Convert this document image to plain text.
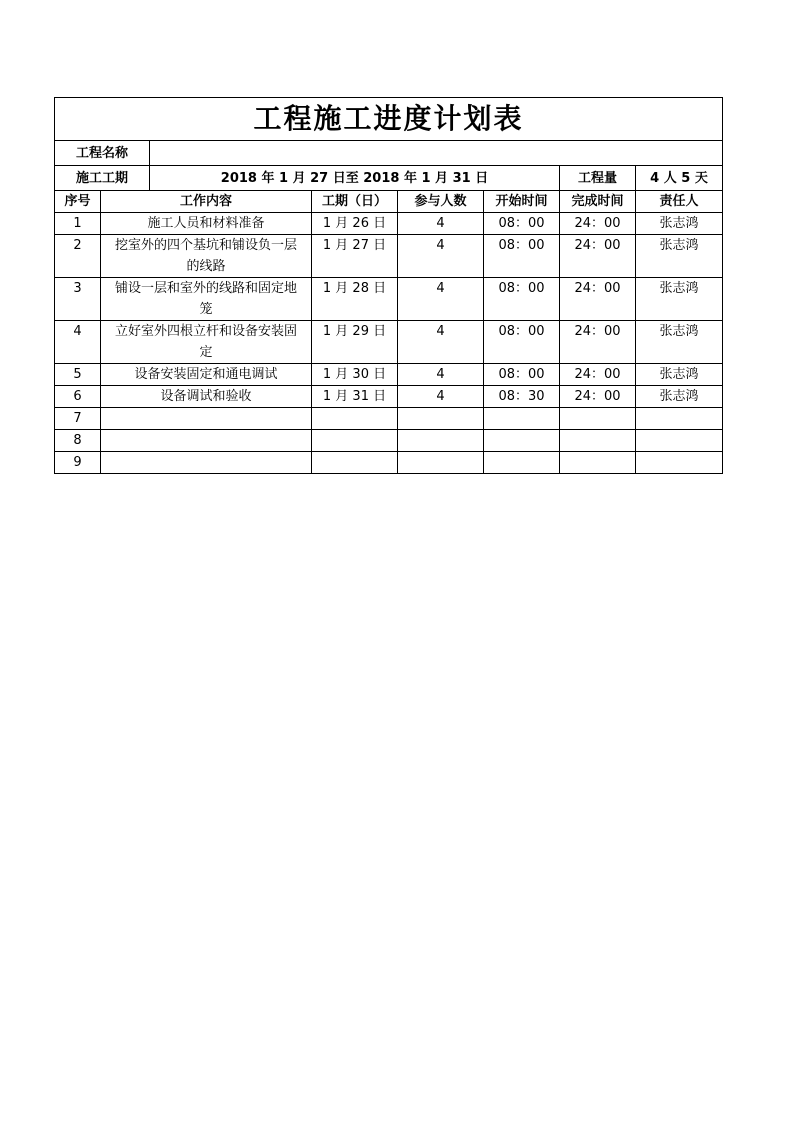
工程施工进度计划表							
工程名称							
施工工期		2018 年 1 月 27 日至 2018 年 1 月 31 日				工程量	4 人 5 天
序号	工作内容		工期（日）	参与人数	开始时间	完成时间	责任人
1	施工人员和材料准备		1 月 26 日	4	08：00	24：00	张志鸿
2	挖室外的四个基坑和铺设负一层的线路		1 月 27 日	4	08：00	24：00	张志鸿
3	铺设一层和室外的线路和固定地笼		1 月 28 日	4	08：00	24：00	张志鸿
4	立好室外四根立杆和设备安装固定		1 月 29 日	4	08：00	24：00	张志鸿
5	设备安装固定和通电调试		1 月 30 日	4	08：00	24：00	张志鸿
6	设备调试和验收		1 月 31 日	4	08：30	24：00	张志鸿
7							
8							
9							
